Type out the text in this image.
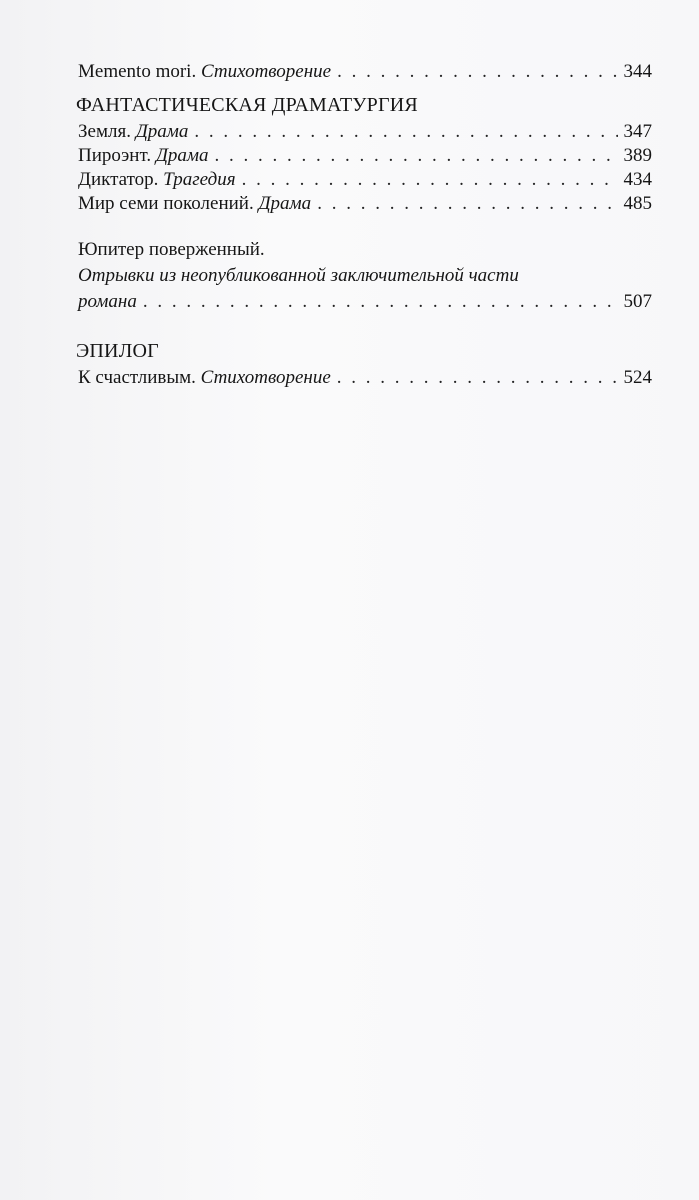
Memento mori. Стихотворение . . .	344
ФАНТАСТИЧЕСКАЯ ДРАМАТУРГИЯ
Земля. Драма . . .	347
Пироэнт. Драма . . .	389
Диктатор. Трагедия . . .	434
Мир семи поколений. Драма . . .	485
Юпитер поверженный.
Отрывки из неопубликованной заключительной части
романа . . .	507
ЭПИЛОГ
К счастливым. Стихотворение . . .	524
